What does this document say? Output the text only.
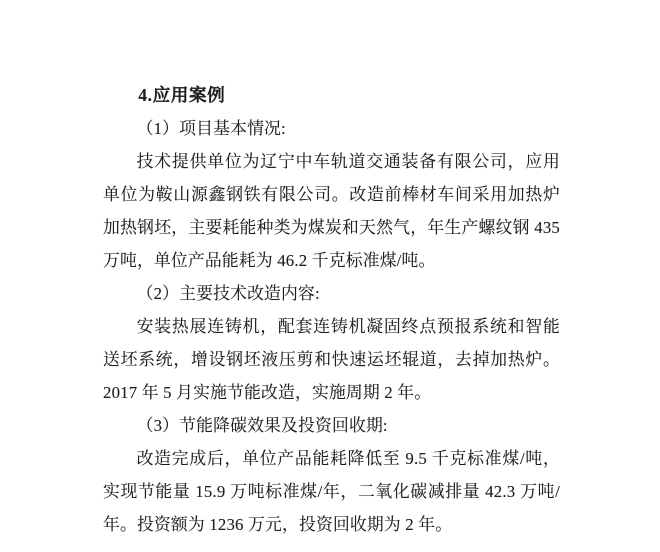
4.应用案例
（1）项目基本情况:
技术提供单位为辽宁中车轨道交通装备有限公司，应用
单位为鞍山源鑫钢铁有限公司。改造前棒材车间采用加热炉
加热钢坯，主要耗能种类为煤炭和天然气，年生产螺纹钢 435
万吨，单位产品能耗为 46.2 千克标准煤/吨。
（2）主要技术改造内容:
安装热展连铸机，配套连铸机凝固终点预报系统和智能
送坯系统，增设钢坯液压剪和快速运坯辊道，去掉加热炉。
2017 年 5 月实施节能改造，实施周期 2 年。
（3）节能降碳效果及投资回收期:
改造完成后，单位产品能耗降低至 9.5 千克标准煤/吨，
实现节能量 15.9 万吨标准煤/年，二氧化碳减排量 42.3 万吨/
年。投资额为 1236 万元，投资回收期为 2 年。
